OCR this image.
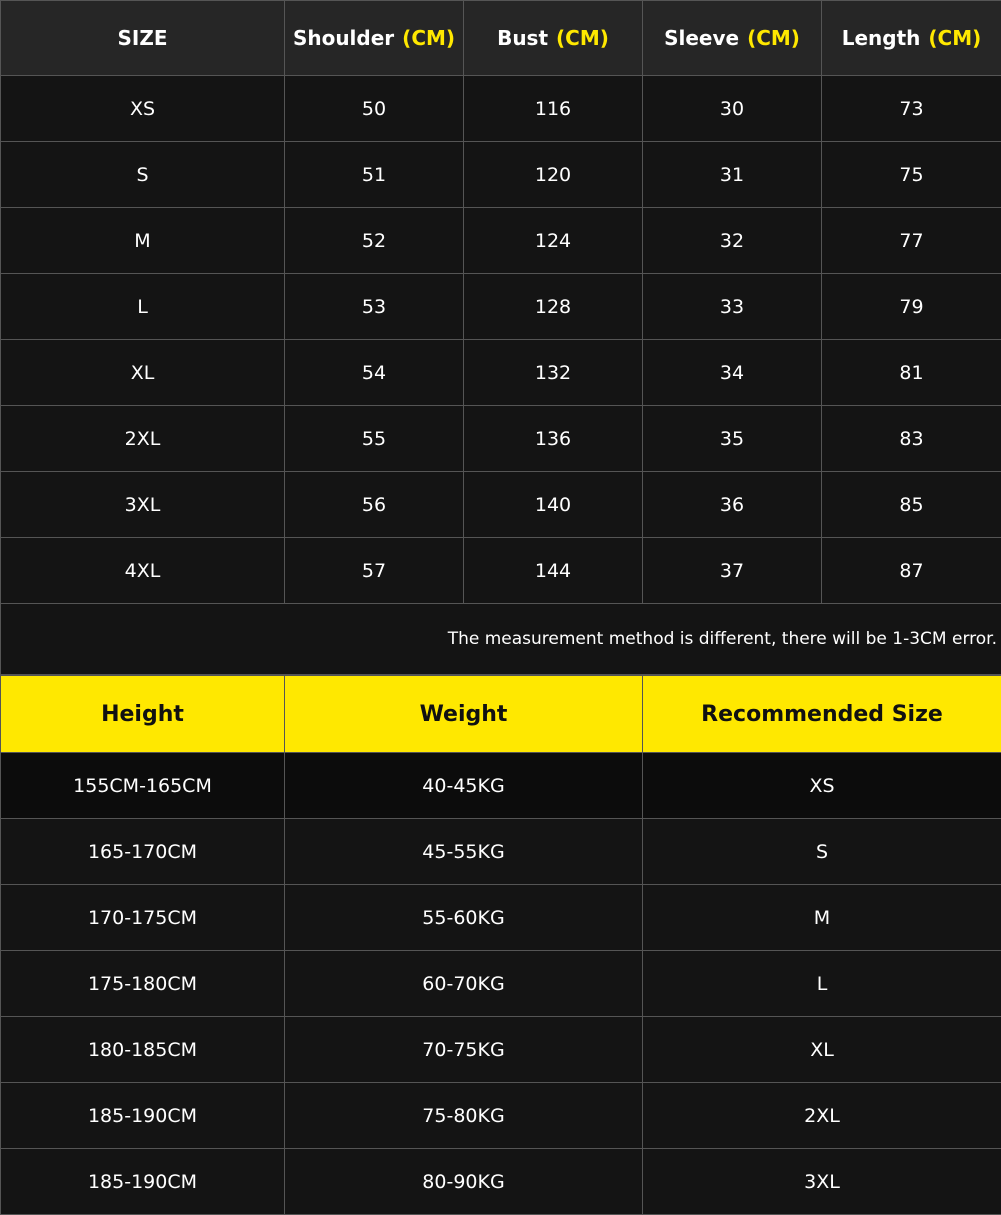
SIZE	Shoulder (CM)	Bust (CM)	Sleeve (CM)	Length (CM)
XS	50	116	30	73
S	51	120	31	75
M	52	124	32	77
L	53	128	33	79
XL	54	132	34	81
2XL	55	136	35	83
3XL	56	140	36	85
4XL	57	144	37	87
The measurement method is different, there will be 1-3CM error.				
Height	Weight	Recommended Size
155CM-165CM	40-45KG	XS
165-170CM	45-55KG	S
170-175CM	55-60KG	M
175-180CM	60-70KG	L
180-185CM	70-75KG	XL
185-190CM	75-80KG	2XL
185-190CM	80-90KG	3XL
